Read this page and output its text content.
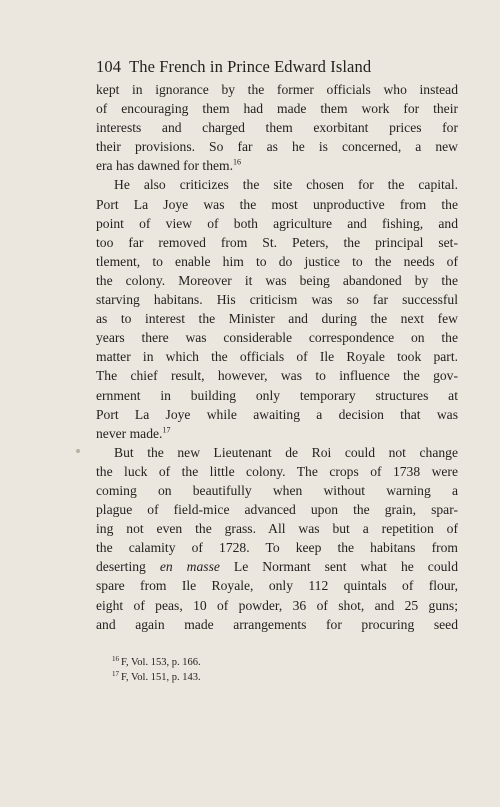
104 The French in Prince Edward Island

kept in ignorance by the former officials who instead
of encouraging them had made them work for their
interests and charged them exorbitant prices for
their provisions. So far as he is concerned, a new
era has dawned for them.$^{16}$

He also criticizes the site chosen for the capital.
Port La Joye was the most unproductive from the
point of view of both agriculture and fishing, and
too far removed from St. Peters, the principal set-
tlement, to enable him to do justice to the needs of
the colony. Moreover it was being abandoned by the
starving habitans. His criticism was so far successful
as to interest the Minister and during the next few
years there was considerable correspondence on the
matter in which the officials of Ile Royale took part.
The chief result, however, was to influence the gov-
ernment in building only temporary structures at
Port La Joye while awaiting a decision that was
never made.$^{17}$

But the new Lieutenant de Roi could not change
the luck of the little colony. The crops of 1738 were
coming on beautifully when without warning a
plague of field-mice advanced upon the grain, spar-
ing not even the grass. All was but a repetition of
the calamity of 1728. To keep the habitans from
deserting en masse Le Normant sent what he could
spare from Ile Royale, only 112 quintals of flour,
eight of peas, 10 of powder, 36 of shot, and 25 guns;
and again made arrangements for procuring seed

$^{16}$ F, Vol. 153, p. 166.
$^{17}$ F, Vol. 151, p. 143.
